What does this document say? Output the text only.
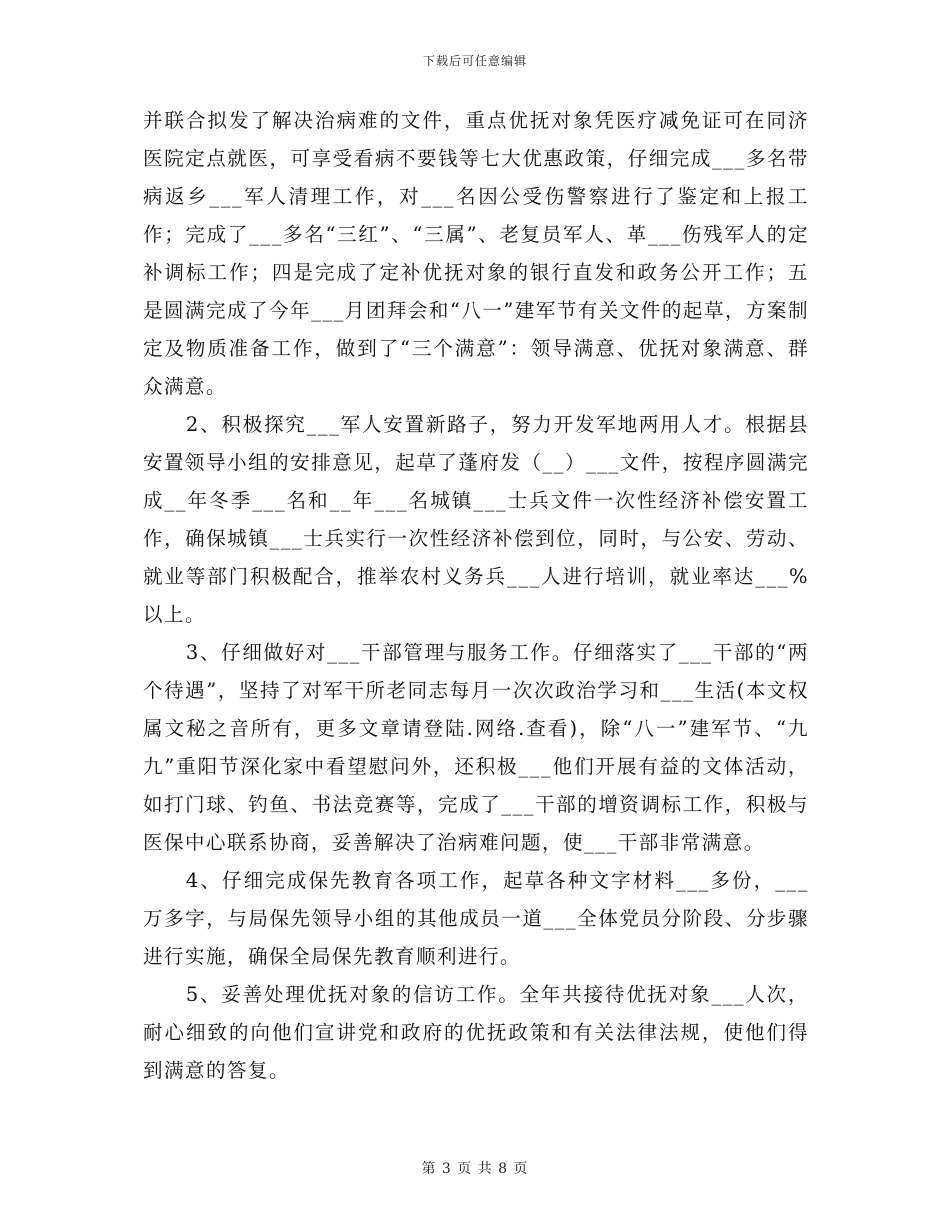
下载后可任意编辑

并联合拟发了解决治病难的文件，重点优抚对象凭医疗减免证可在同济医院定点就医，可享受看病不要钱等七大优惠政策，仔细完成___多名带病返乡___军人清理工作，对___名因公受伤警察进行了鉴定和上报工作；完成了___多名“三红”、“三属”、老复员军人、革___伤残军人的定补调标工作；四是完成了定补优抚对象的银行直发和政务公开工作；五是圆满完成了今年___月团拜会和“八一”建军节有关文件的起草，方案制定及物质准备工作，做到了“三个满意”：领导满意、优抚对象满意、群众满意。

2、积极探究___军人安置新路子，努力开发军地两用人才。根据县安置领导小组的安排意见，起草了蓬府发（__）___文件，按程序圆满完成__年冬季___名和__年___名城镇___士兵文件一次性经济补偿安置工作，确保城镇___士兵实行一次性经济补偿到位，同时，与公安、劳动、就业等部门积极配合，推举农村义务兵___人进行培训，就业率达___%以上。

3、仔细做好对___干部管理与服务工作。仔细落实了___干部的“两个待遇”，坚持了对军干所老同志每月一次次政治学习和___生活(本文权属文秘之音所有，更多文章请登陆.网络.查看)，除“八一”建军节、“九九”重阳节深化家中看望慰问外，还积极___他们开展有益的文体活动，如打门球、钓鱼、书法竞赛等，完成了___干部的增资调标工作，积极与医保中心联系协商，妥善解决了治病难问题，使___干部非常满意。

4、仔细完成保先教育各项工作，起草各种文字材料___多份，___万多字，与局保先领导小组的其他成员一道___全体党员分阶段、分步骤进行实施，确保全局保先教育顺利进行。

5、妥善处理优抚对象的信访工作。全年共接待优抚对象___人次，耐心细致的向他们宣讲党和政府的优抚政策和有关法律法规，使他们得到满意的答复。

第 3 页 共 8 页
